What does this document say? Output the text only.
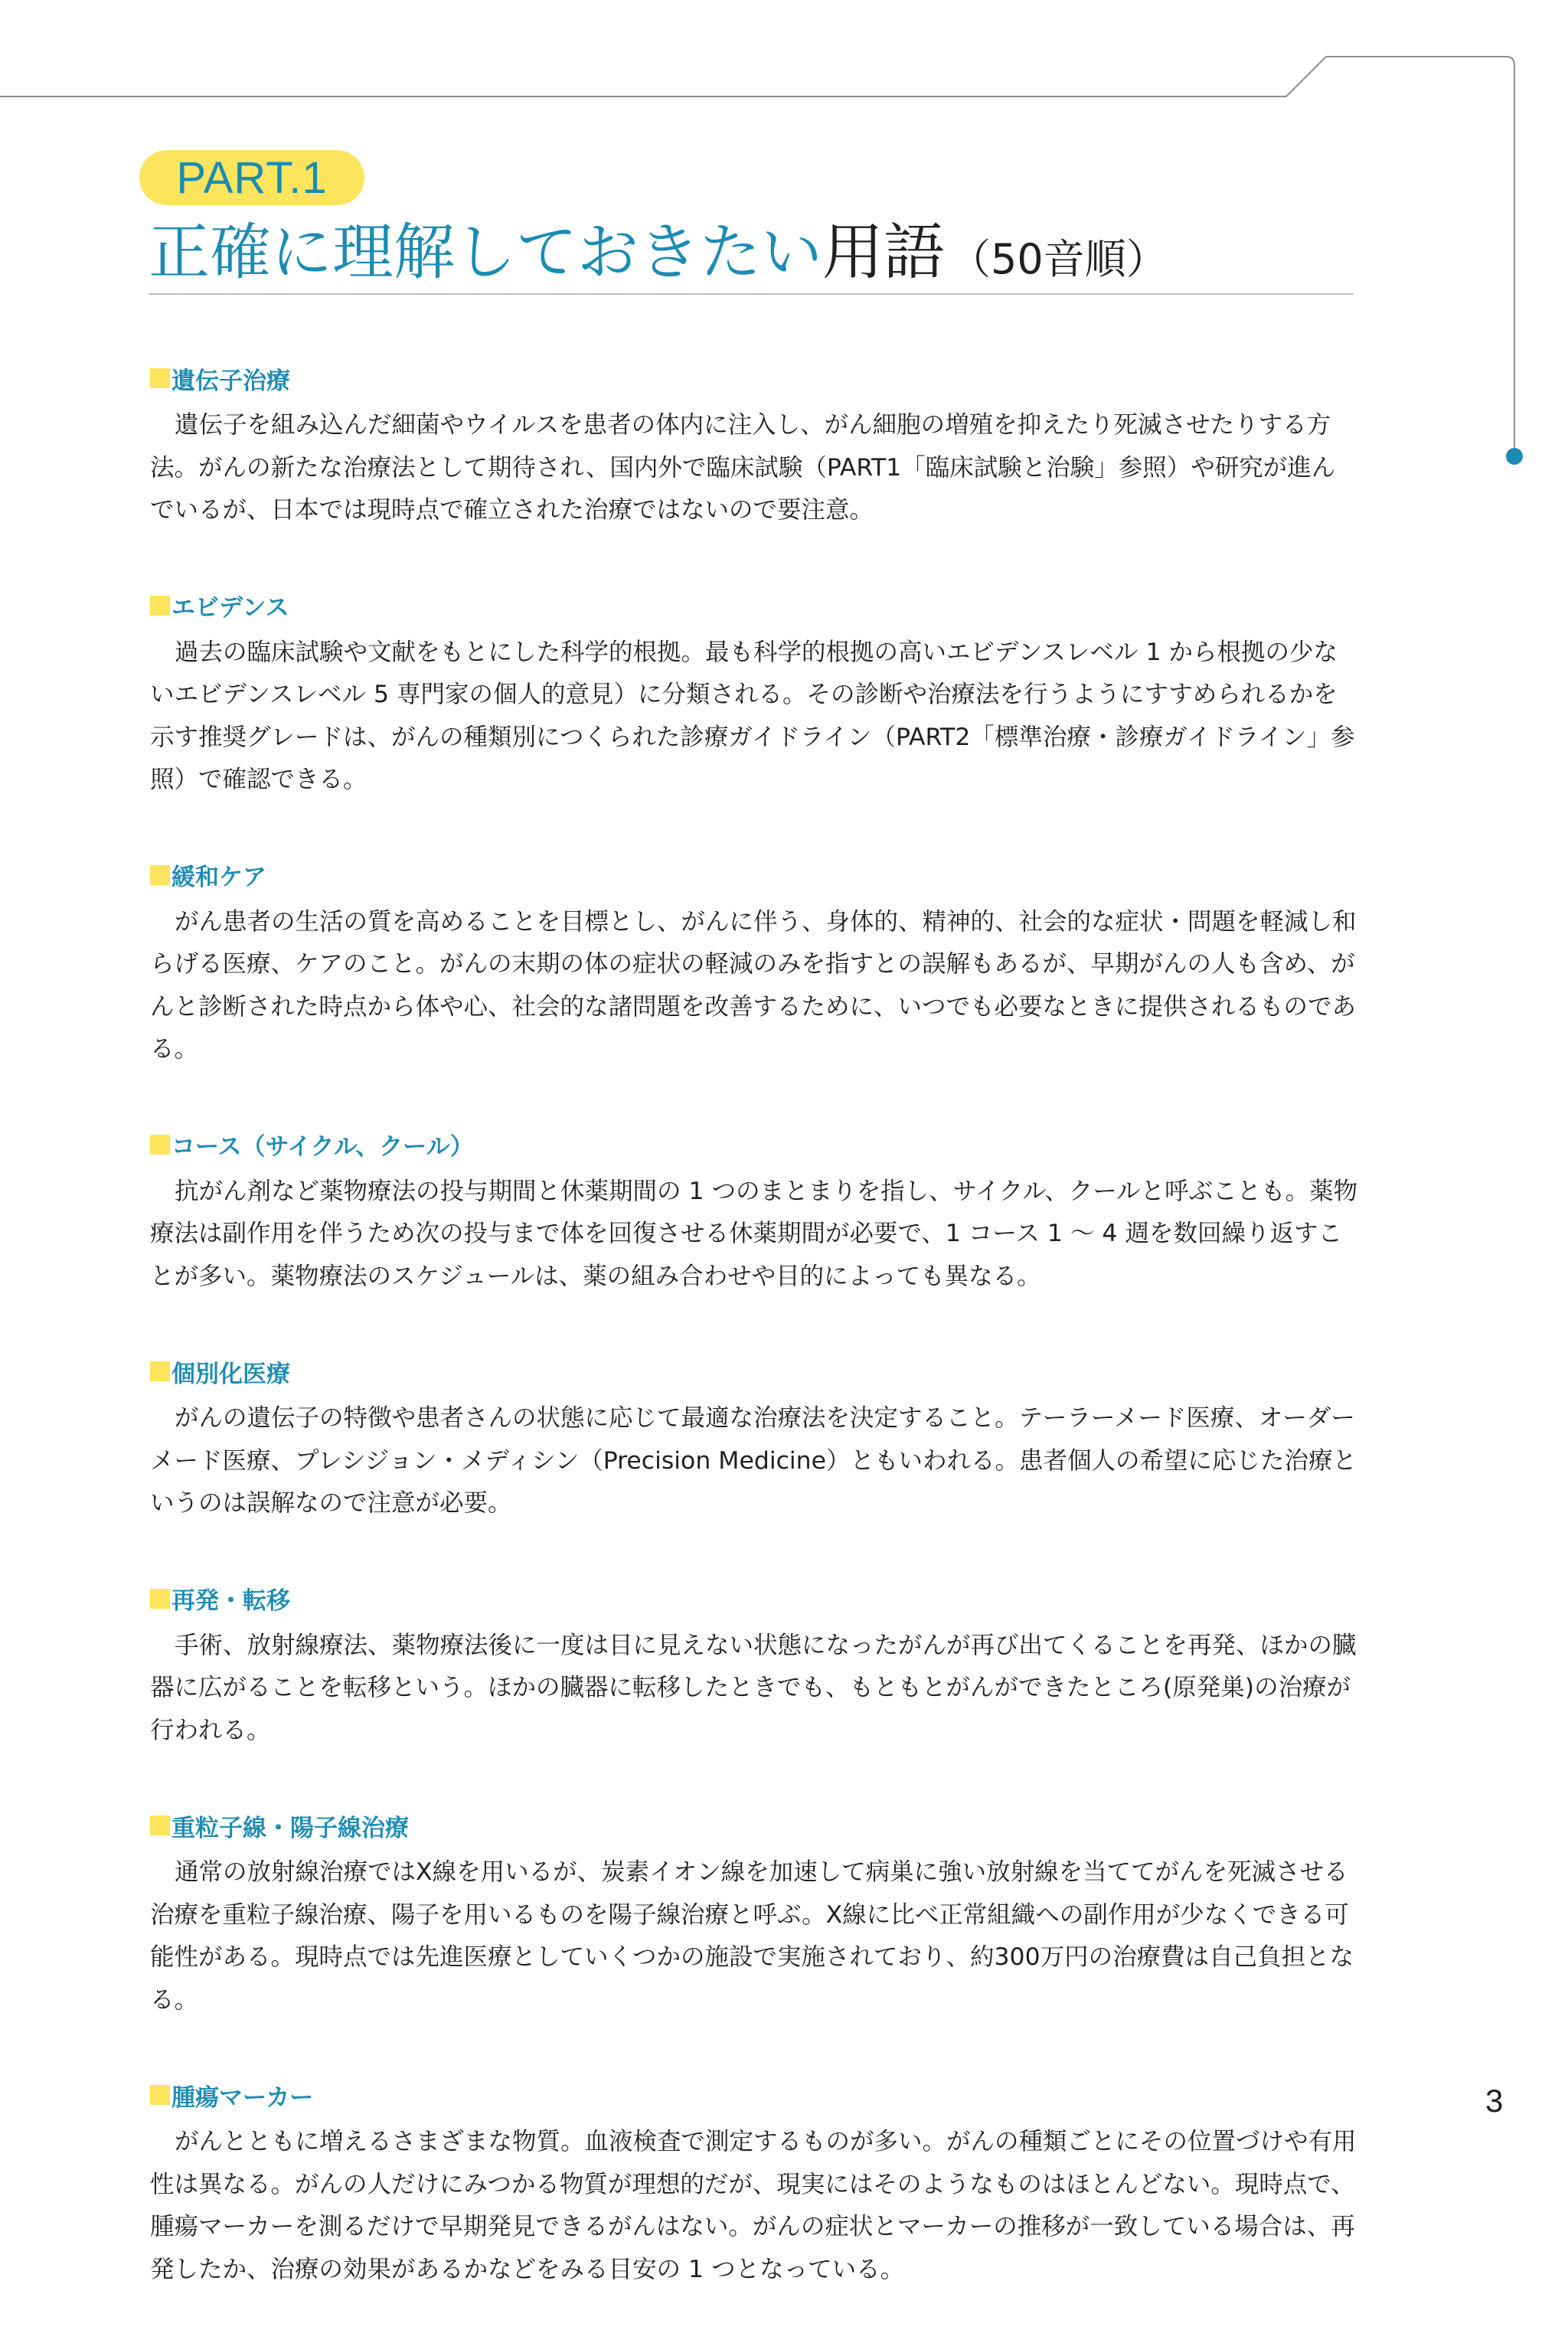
PART.1
正確に理解しておきたい用語 （50音順）
遺伝子治療
遺伝子を組み込んだ細菌やウイルスを患者の体内に注入し、がん細胞の増殖を抑えたり死滅させたりする方法。がんの新たな治療法として期待され、国内外で臨床試験（PART1「臨床試験と治験」参照）や研究が進んでいるが、日本では現時点で確立された治療ではないので要注意。
エビデンス
過去の臨床試験や文献をもとにした科学的根拠。最も科学的根拠の高いエビデンスレベル 1 から根拠の少ないエビデンスレベル 5 専門家の個人的意見）に分類される。その診断や治療法を行うようにすすめられるかを示す推奨グレードは、がんの種類別につくられた診療ガイドライン（PART2「標準治療・診療ガイドライン」参照）で確認できる。
緩和ケア
がん患者の生活の質を高めることを目標とし、がんに伴う、身体的、精神的、社会的な症状・問題を軽減し和らげる医療、ケアのこと。がんの末期の体の症状の軽減のみを指すとの誤解もあるが、早期がんの人も含め、がんと診断された時点から体や心、社会的な諸問題を改善するために、いつでも必要なときに提供されるものである。
コース（サイクル、クール）
抗がん剤など薬物療法の投与期間と休薬期間の 1 つのまとまりを指し、サイクル、クールと呼ぶことも。薬物療法は副作用を伴うため次の投与まで体を回復させる休薬期間が必要で、1 コース 1 〜 4 週を数回繰り返すことが多い。薬物療法のスケジュールは、薬の組み合わせや目的によっても異なる。
個別化医療
がんの遺伝子の特徴や患者さんの状態に応じて最適な治療法を決定すること。テーラーメード医療、オーダーメード医療、プレシジョン・メディシン（Precision Medicine）ともいわれる。患者個人の希望に応じた治療というのは誤解なので注意が必要。
再発・転移
手術、放射線療法、薬物療法後に一度は目に見えない状態になったがんが再び出てくることを再発、ほかの臓器に広がることを転移という。ほかの臓器に転移したときでも、もともとがんができたところ(原発巣)の治療が行われる。
重粒子線・陽子線治療
通常の放射線治療ではX線を用いるが、炭素イオン線を加速して病巣に強い放射線を当ててがんを死滅させる治療を重粒子線治療、陽子を用いるものを陽子線治療と呼ぶ。X線に比べ正常組織への副作用が少なくできる可能性がある。現時点では先進医療としていくつかの施設で実施されており、約300万円の治療費は自己負担となる。
腫瘍マーカー
がんとともに増えるさまざまな物質。血液検査で測定するものが多い。がんの種類ごとにその位置づけや有用性は異なる。がんの人だけにみつかる物質が理想的だが、現実にはそのようなものはほとんどない。現時点で、腫瘍マーカーを測るだけで早期発見できるがんはない。がんの症状とマーカーの推移が一致している場合は、再発したか、治療の効果があるかなどをみる目安の 1 つとなっている。
3
